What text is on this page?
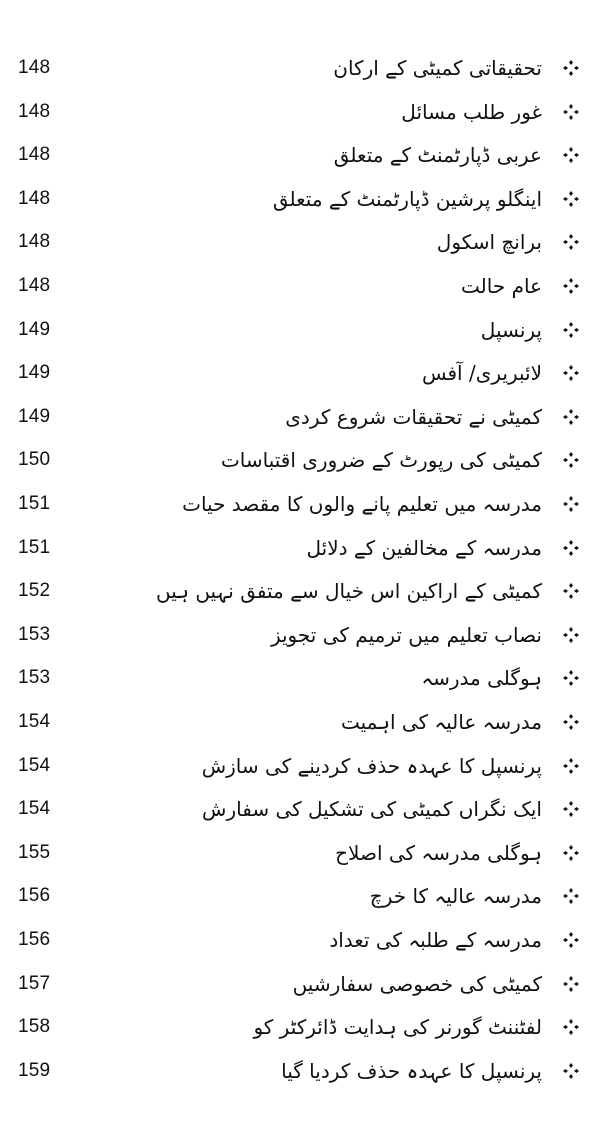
148	تحقیقاتی کمیٹی کے ارکان
148	غور طلب مسائل
148	عربی ڈپارٹمنٹ کے متعلق
148	اینگلو پرشین ڈپارٹمنٹ کے متعلق
148	برانچ اسکول
148	عام حالت
149	پرنسپل
149	لائبریری/ آفس
149	کمیٹی نے تحقیقات شروع کردی
150	کمیٹی کی رپورٹ کے ضروری اقتباسات
151	مدرسہ میں تعلیم پانے والوں کا مقصد حیات
151	مدرسہ کے مخالفین کے دلائل
152	کمیٹی کے اراکین اس خیال سے متفق نہیں ہیں
153	نصاب تعلیم میں ترمیم کی تجویز
153	ہوگلی مدرسہ
154	مدرسہ عالیہ کی اہمیت
154	پرنسپل کا عہدہ حذف کردینے کی سازش
154	ایک نگراں کمیٹی کی تشکیل کی سفارش
155	ہوگلی مدرسہ کی اصلاح
156	مدرسہ عالیہ کا خرچ
156	مدرسہ کے طلبہ کی تعداد
157	کمیٹی کی خصوصی سفارشیں
158	لفٹننٹ گورنر کی ہدایت ڈائرکٹر کو
159	پرنسپل کا عہدہ حذف کردیا گیا
